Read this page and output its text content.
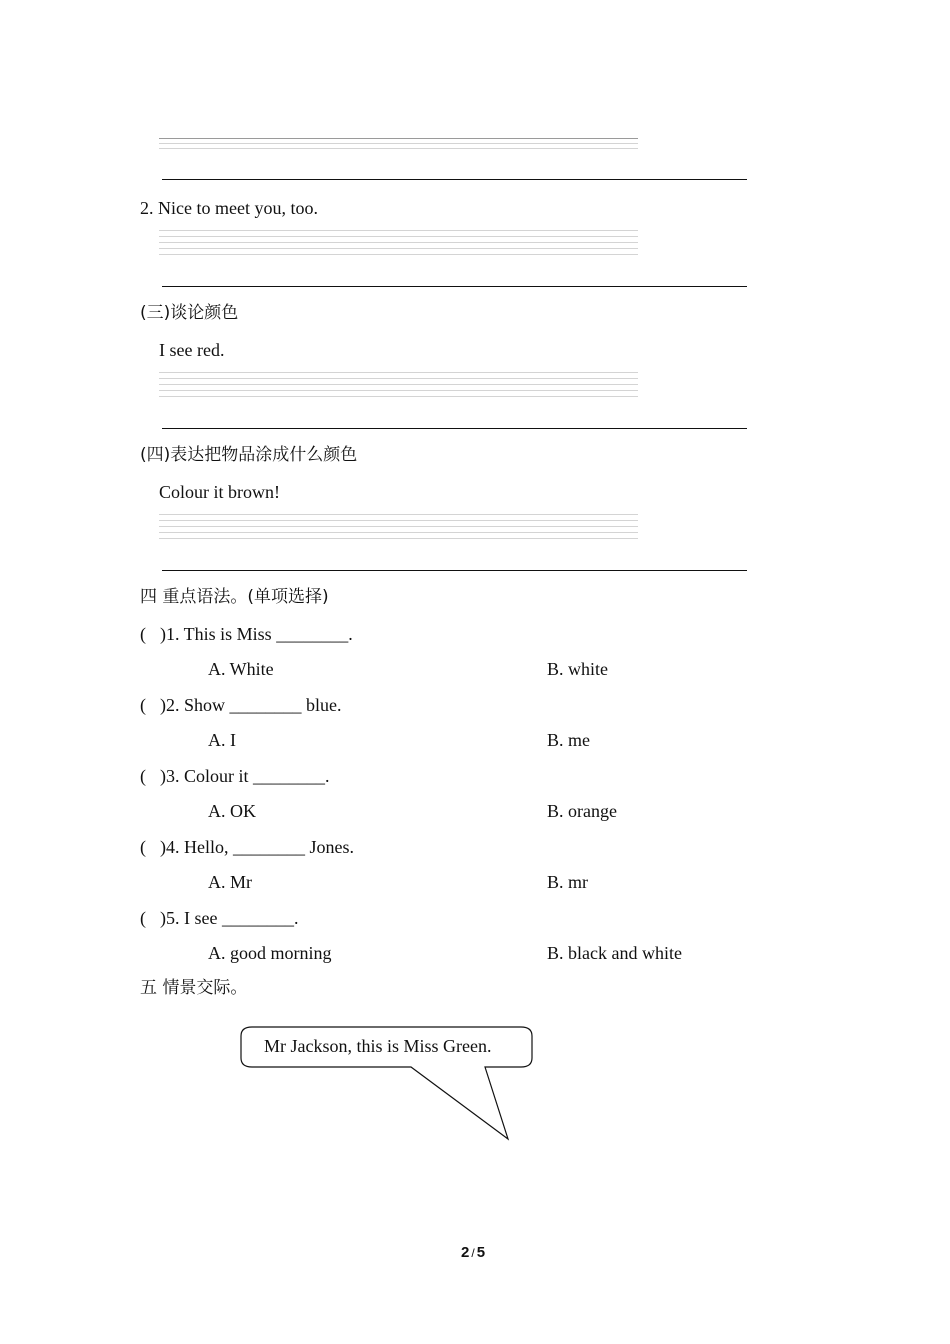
2. Nice to meet you, too.
(三)谈论颜色
I see red.
(四)表达把物品涂成什么颜色
Colour it brown!
四 重点语法。(单项选择)
( )1. This is Miss ________.
A. White	B. white
( )2. Show ________ blue.
A. I	B. me
( )3. Colour it ________.
A. OK	B. orange
( )4. Hello, ________ Jones.
A. Mr	B. mr
( )5. I see ________.
A. good morning	B. black and white
五 情景交际。
Mr Jackson, this is Miss Green.
2 / 5
